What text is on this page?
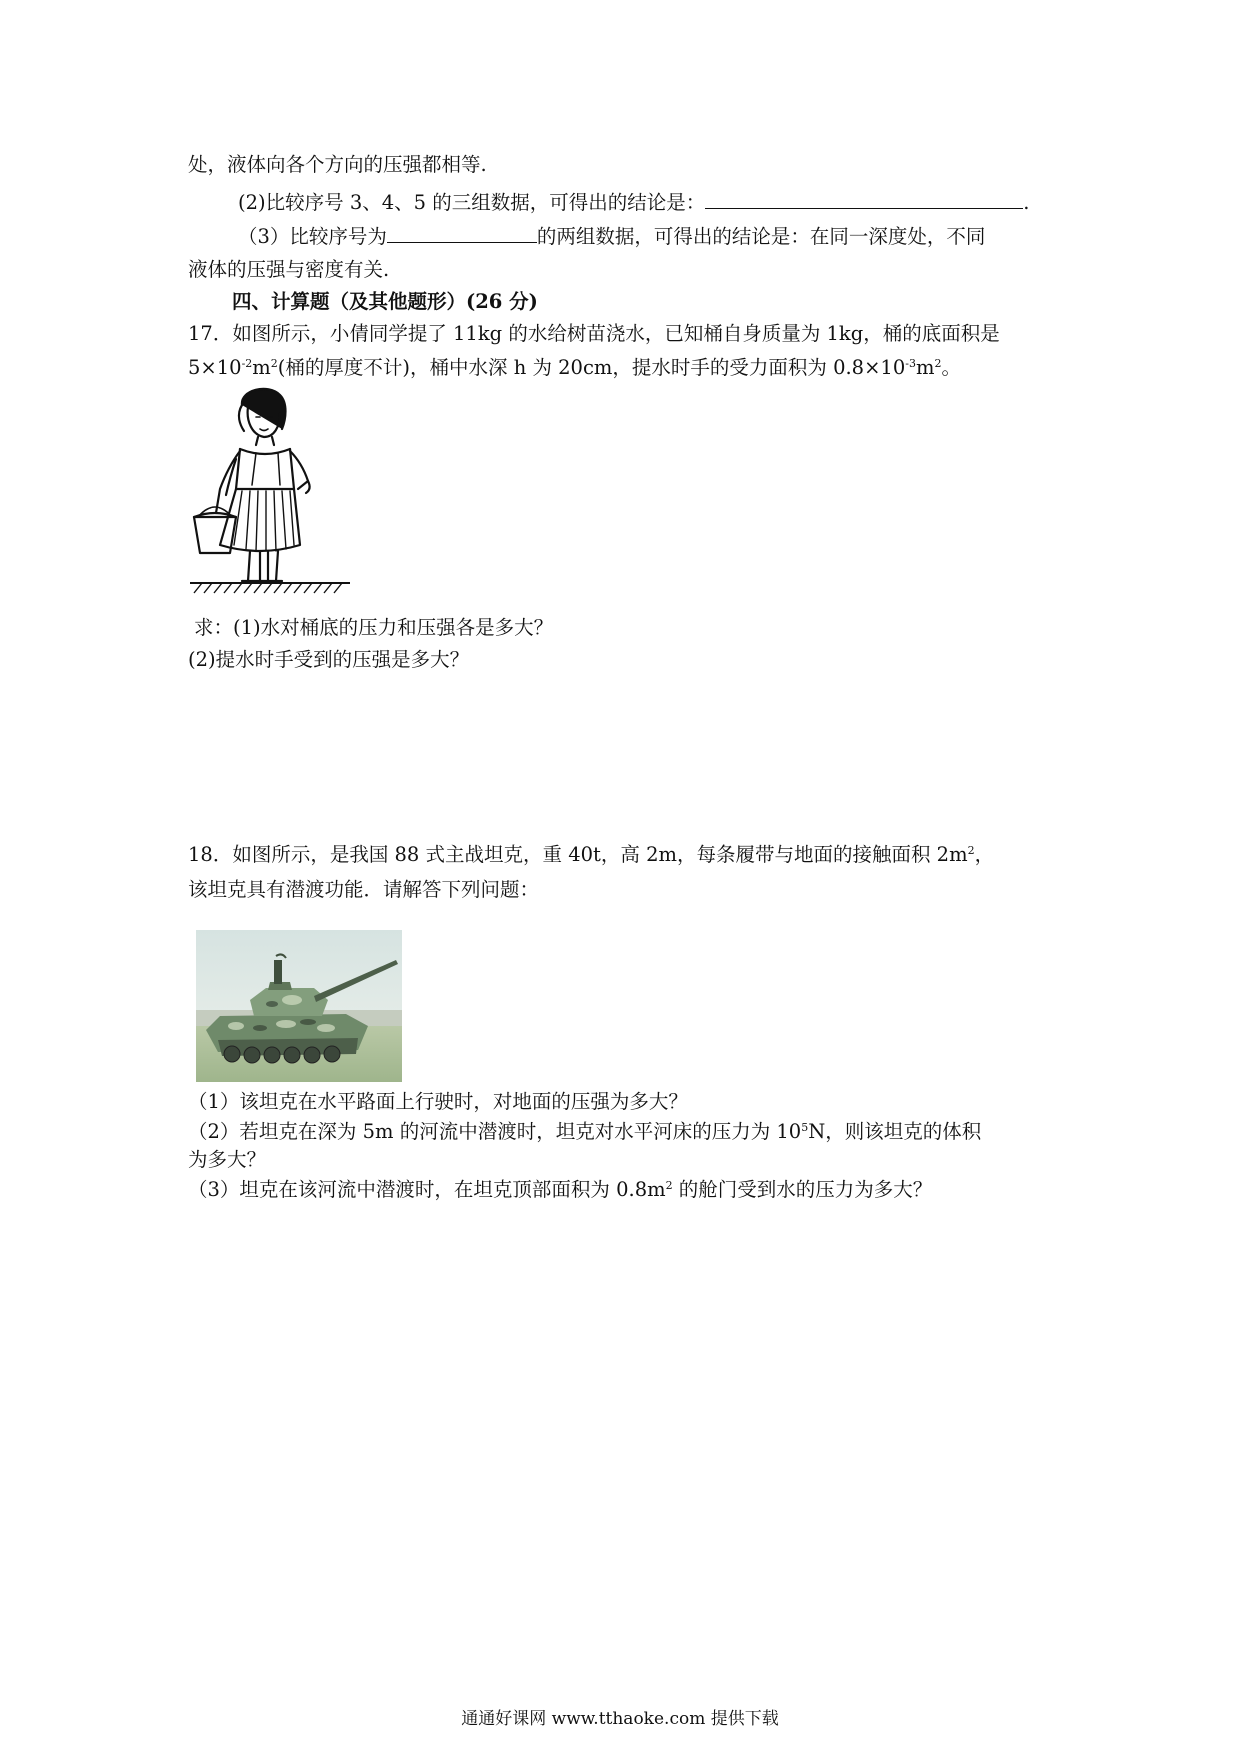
处，液体向各个方向的压强都相等.
(2)比较序号 3、4、5 的三组数据，可得出的结论是：	.
（3）比较序号为	的两组数据，可得出的结论是：在同一深度处，不同
液体的压强与密度有关.
四、计算题（及其他题形）(26 分)
17．如图所示，小倩同学提了 11kg 的水给树苗浇水，已知桶自身质量为 1kg，桶的底面积是
$5\times 10^{-2}m^2$(桶的厚度不计)，桶中水深 h 为 20cm，提水时手的受力面积为 $0.8\times 10^{-3}m^2$。
求：(1)水对桶底的压力和压强各是多大？
(2)提水时手受到的压强是多大？
18．如图所示，是我国 88 式主战坦克，重 40t，高 2m，每条履带与地面的接触面积 $2m^2$，
该坦克具有潜渡功能．请解答下列问题：
（1）该坦克在水平路面上行驶时，对地面的压强为多大？
（2）若坦克在深为 5m 的河流中潜渡时，坦克对水平河床的压力为 $10^5N$，则该坦克的体积
为多大？
（3）坦克在该河流中潜渡时，在坦克顶部面积为 $0.8m^2$ 的舱门受到水的压力为多大？
通通好课网 www.tthaoke.com 提供下载
